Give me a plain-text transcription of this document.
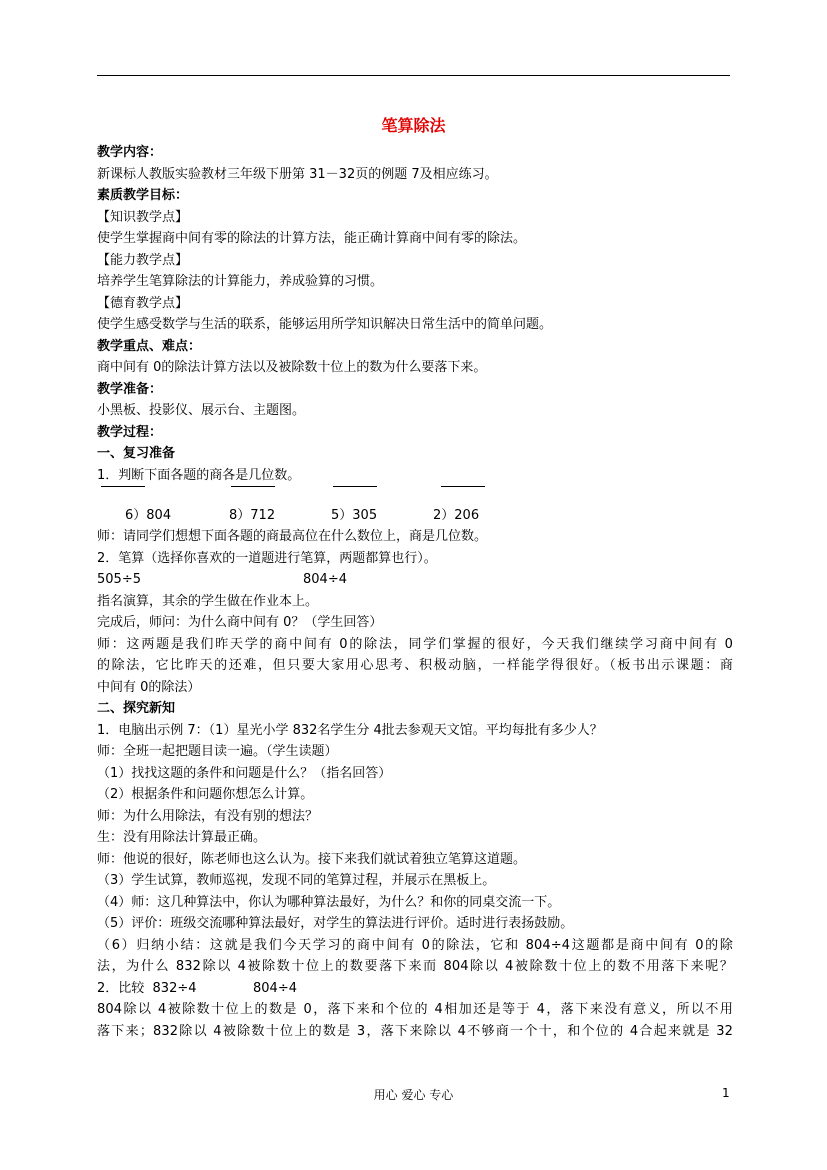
笔算除法
教学内容：
新课标人教版实验教材三年级下册第 31－32页的例题 7及相应练习。
素质教学目标：
【知识教学点】
使学生掌握商中间有零的除法的计算方法，能正确计算商中间有零的除法。
【能力教学点】
培养学生笔算除法的计算能力，养成验算的习惯。
【德育教学点】
使学生感受数学与生活的联系，能够运用所学知识解决日常生活中的简单问题。
教学重点、难点：
商中间有 0的除法计算方法以及被除数十位上的数为什么要落下来。
教学准备：
小黑板、投影仪、展示台、主题图。
教学过程：
一、复习准备
1．判断下面各题的商各是几位数。
6）804	8）712	5）305	2）206
师：请同学们想想下面各题的商最高位在什么数位上，商是几位数。
2．笔算（选择你喜欢的一道题进行笔算，两题都算也行）。
505÷5	804÷4
指名演算，其余的学生做在作业本上。
完成后，师问：为什么商中间有 0？（学生回答）
师：这两题是我们昨天学的商中间有 0的除法，同学们掌握的很好，今天我们继续学习商中间有 0
的除法，它比昨天的还难，但只要大家用心思考、积极动脑，一样能学得很好。（板书出示课题：商
中间有 0的除法）
二、探究新知
1．电脑出示例 7：（1）星光小学 832名学生分 4批去参观天文馆。平均每批有多少人？
师：全班一起把题目读一遍。（学生读题）
（1）找找这题的条件和问题是什么？（指名回答）
（2）根据条件和问题你想怎么计算。
师：为什么用除法，有没有别的想法？
生：没有用除法计算最正确。
师：他说的很好，陈老师也这么认为。接下来我们就试着独立笔算这道题。
（3）学生试算，教师巡视，发现不同的笔算过程，并展示在黑板上。
（4）师：这几种算法中，你认为哪种算法最好，为什么？和你的同桌交流一下。
（5）评价：班级交流哪种算法最好，对学生的算法进行评价。适时进行表扬鼓励。
（6）归纳小结：这就是我们今天学习的商中间有 0的除法，它和 804÷4这题都是商中间有 0的除
法，为什么 832除以 4被除数十位上的数要落下来而 804除以 4被除数十位上的数不用落下来呢？
2．比较  832÷4	804÷4
804除以 4被除数十位上的数是 0，落下来和个位的 4相加还是等于 4，落下来没有意义，所以不用
落下来；832除以 4被除数十位上的数是 3，落下来除以 4不够商一个十，和个位的 4合起来就是 32
用心 爱心 专心	1
